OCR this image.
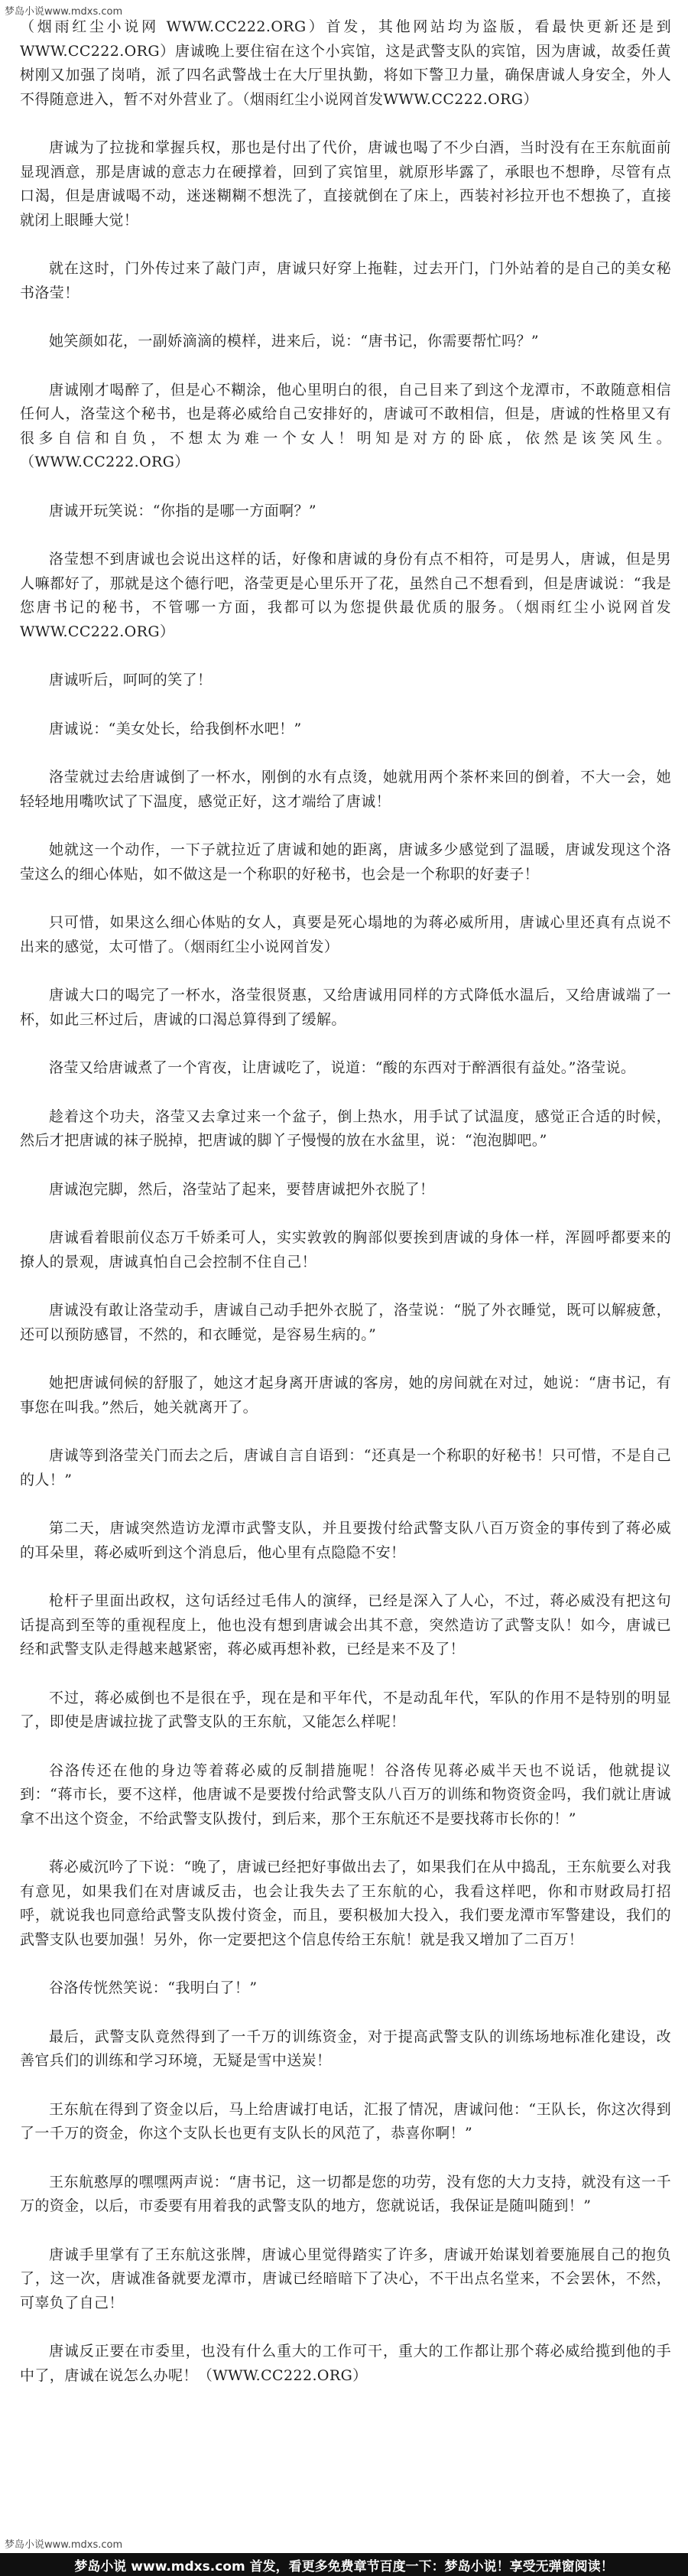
梦岛小说www.mdxs.com

（烟雨红尘小说网 WWW.CC222.ORG）首发，其他网站均为盗版，看最快更新还是到WWW.CC222.ORG）唐诚晚上要住宿在这个小宾馆，这是武警支队的宾馆，因为唐诚，故委任黄树刚又加强了岗哨，派了四名武警战士在大厅里执勤，将如下警卫力量，确保唐诚人身安全，外人不得随意进入，暂不对外营业了。（烟雨红尘小说网首发WWW.CC222.ORG）

唐诚为了拉拢和掌握兵权，那也是付出了代价，唐诚也喝了不少白酒，当时没有在王东航面前显现酒意，那是唐诚的意志力在硬撑着，回到了宾馆里，就原形毕露了，承眼也不想睁，尽管有点口渴，但是唐诚喝不动，迷迷糊糊不想洗了，直接就倒在了床上，西装衬衫拉开也不想换了，直接就闭上眼睡大觉！

就在这时，门外传过来了敲门声，唐诚只好穿上拖鞋，过去开门，门外站着的是自己的美女秘书洛莹！

她笑颜如花，一副娇滴滴的模样，进来后，说：“唐书记，你需要帮忙吗？”

唐诚刚才喝醉了，但是心不糊涂，他心里明白的很，自己目来了到这个龙潭市，不敢随意相信任何人，洛莹这个秘书，也是蒋必威给自己安排好的，唐诚可不敢相信，但是，唐诚的性格里又有很多自信和自负，不想太为难一个女人！明知是对方的卧底，依然是该笑风生。（WWW.CC222.ORG）

唐诚开玩笑说：“你指的是哪一方面啊？”

洛莹想不到唐诚也会说出这样的话，好像和唐诚的身份有点不相符，可是男人，唐诚，但是男人嘛都好了，那就是这个德行吧，洛莹更是心里乐开了花，虽然自己不想看到，但是唐诚说：“我是您唐书记的秘书，不管哪一方面，我都可以为您提供最优质的服务。（烟雨红尘小说网首发WWW.CC222.ORG）

唐诚听后，呵呵的笑了！

唐诚说：“美女处长，给我倒杯水吧！”

洛莹就过去给唐诚倒了一杯水，刚倒的水有点烫，她就用两个茶杯来回的倒着，不大一会，她轻轻地用嘴吹试了下温度，感觉正好，这才端给了唐诚！

她就这一个动作，一下子就拉近了唐诚和她的距离，唐诚多少感觉到了温暖，唐诚发现这个洛莹这么的细心体贴，如不做这是一个称职的好秘书，也会是一个称职的好妻子！

只可惜，如果这么细心体贴的女人，真要是死心塌地的为蒋必威所用，唐诚心里还真有点说不出来的感觉，太可惜了。（烟雨红尘小说网首发）

唐诚大口的喝完了一杯水，洛莹很贤惠，又给唐诚用同样的方式降低水温后，又给唐诚端了一杯，如此三杯过后，唐诚的口渴总算得到了缓解。

洛莹又给唐诚煮了一个宵夜，让唐诚吃了，说道：“酸的东西对于醉酒很有益处。”洛莹说。

趁着这个功夫，洛莹又去拿过来一个盆子，倒上热水，用手试了试温度，感觉正合适的时候，然后才把唐诚的袜子脱掉，把唐诚的脚丫子慢慢的放在水盆里，说：“泡泡脚吧。”

唐诚泡完脚，然后，洛莹站了起来，要替唐诚把外衣脱了！

唐诚看着眼前仪态万千娇柔可人，实实敦敦的胸部似要挨到唐诚的身体一样，浑圆呼都要来的撩人的景观，唐诚真怕自己会控制不住自己！

唐诚没有敢让洛莹动手，唐诚自己动手把外衣脱了，洛莹说：“脱了外衣睡觉，既可以解疲惫，还可以预防感冒，不然的，和衣睡觉，是容易生病的。”

她把唐诚伺候的舒服了，她这才起身离开唐诚的客房，她的房间就在对过，她说：“唐书记，有事您在叫我。”然后，她关就离开了。

唐诚等到洛莹关门而去之后，唐诚自言自语到：“还真是一个称职的好秘书！只可惜，不是自己的人！”

第二天，唐诚突然造访龙潭市武警支队，并且要拨付给武警支队八百万资金的事传到了蒋必威的耳朵里，蒋必威听到这个消息后，他心里有点隐隐不安！

枪杆子里面出政权，这句话经过毛伟人的演绎，已经是深入了人心，不过，蒋必威没有把这句话提高到至等的重视程度上，他也没有想到唐诚会出其不意，突然造访了武警支队！如今，唐诚已经和武警支队走得越来越紧密，蒋必威再想补救，已经是来不及了！

不过，蒋必威倒也不是很在乎，现在是和平年代，不是动乱年代，军队的作用不是特别的明显了，即使是唐诚拉拢了武警支队的王东航，又能怎么样呢！

谷洛传还在他的身边等着蒋必威的反制措施呢！谷洛传见蒋必威半天也不说话，他就提议到：“蒋市长，要不这样，他唐诚不是要拨付给武警支队八百万的训练和物资资金吗，我们就让唐诚拿不出这个资金，不给武警支队拨付，到后来，那个王东航还不是要找蒋市长你的！”

蒋必威沉吟了下说：“晚了，唐诚已经把好事做出去了，如果我们在从中捣乱，王东航要么对我有意见，如果我们在对唐诚反击，也会让我失去了王东航的心，我看这样吧，你和市财政局打招呼，就说我也同意给武警支队拨付资金，而且，要积极加大投入，我们要龙潭市军警建设，我们的武警支队也要加强！另外，你一定要把这个信息传给王东航！就是我又增加了二百万！

谷洛传恍然笑说：“我明白了！”

最后，武警支队竟然得到了一千万的训练资金，对于提高武警支队的训练场地标准化建设，改善官兵们的训练和学习环境，无疑是雪中送炭！

王东航在得到了资金以后，马上给唐诚打电话，汇报了情况，唐诚问他：“王队长，你这次得到了一千万的资金，你这个支队长也更有支队长的风范了，恭喜你啊！”

王东航憨厚的嘿嘿两声说：“唐书记，这一切都是您的功劳，没有您的大力支持，就没有这一千万的资金，以后，市委要有用着我的武警支队的地方，您就说话，我保证是随叫随到！”

唐诚手里掌有了王东航这张牌，唐诚心里觉得踏实了许多，唐诚开始谋划着要施展自己的抱负了，这一次，唐诚准备就要龙潭市，唐诚已经暗暗下了决心，不干出点名堂来，不会罢休，不然，可辜负了自己！

唐诚反正要在市委里，也没有什么重大的工作可干，重大的工作都让那个蒋必威给揽到他的手中了，唐诚在说怎么办呢！（WWW.CC222.ORG）

梦岛小说www.mdxs.com
梦岛小说 www.mdxs.com 首发，看更多免费章节百度一下：梦岛小说！享受无弹窗阅读！
